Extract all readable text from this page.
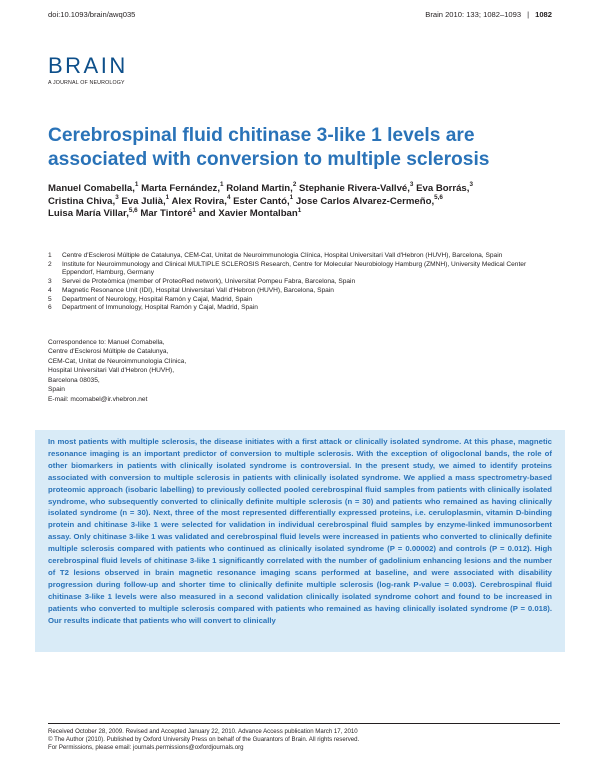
doi:10.1093/brain/awq035	Brain 2010: 133; 1082–1093 | 1082
BRAIN
A JOURNAL OF NEUROLOGY
Cerebrospinal fluid chitinase 3-like 1 levels are associated with conversion to multiple sclerosis
Manuel Comabella,$^1$ Marta Fernández,$^1$ Roland Martin,$^2$ Stephanie Rivera-Vallvé,$^3$ Eva Borrás,$^3$
Cristina Chiva,$^3$ Eva Julià,$^1$ Alex Rovira,$^4$ Ester Cantó,$^1$ Jose Carlos Alvarez-Cermeño,$^{5,6}$
Luisa María Villar,$^{5,6}$ Mar Tintoré$^1$ and Xavier Montalban$^1$
1	Centre d'Esclerosi Múltiple de Catalunya, CEM-Cat, Unitat de Neuroimmunologia Clínica, Hospital Universitari Vall d'Hebron (HUVH), Barcelona, Spain
2	Institute for Neuroimmunology and Clinical MULTIPLE SCLEROSIS Research, Centre for Molecular Neurobiology Hamburg (ZMNH), University Medical Center Eppendorf, Hamburg, Germany
3	Servei de Proteòmica (member of ProteoRed network), Universitat Pompeu Fabra, Barcelona, Spain
4	Magnetic Resonance Unit (IDI), Hospital Universitari Vall d'Hebron (HUVH), Barcelona, Spain
5	Department of Neurology, Hospital Ramón y Cajal, Madrid, Spain
6	Department of Immunology, Hospital Ramón y Cajal, Madrid, Spain
Correspondence to: Manuel Comabella,
Centre d'Esclerosi Múltiple de Catalunya,
CEM-Cat, Unitat de Neuroimmunologia Clínica,
Hospital Universitari Vall d'Hebron (HUVH),
Barcelona 08035,
Spain
E-mail: mcomabel@ir.vhebron.net

In most patients with multiple sclerosis, the disease initiates with a first attack or clinically isolated syndrome. At this phase, magnetic resonance imaging is an important predictor of conversion to multiple sclerosis. With the exception of oligoclonal bands, the role of other biomarkers in patients with clinically isolated syndrome is controversial. In the present study, we aimed to identify proteins associated with conversion to multiple sclerosis in patients with clinically isolated syndrome. We applied a mass spectrometry-based proteomic approach (isobaric labelling) to previously collected pooled cerebrospinal fluid samples from patients with clinically isolated syndrome, who subsequently converted to clinically definite multiple sclerosis (n = 30) and patients who remained as having clinically isolated syndrome (n = 30). Next, three of the most represented differentially expressed proteins, i.e. ceruloplasmin, vitamin D-binding protein and chitinase 3-like 1 were selected for validation in individual cerebrospinal fluid samples by enzyme-linked immunosorbent assay. Only chitinase 3-like 1 was validated and cerebrospinal fluid levels were increased in patients who converted to clinically definite multiple sclerosis compared with patients who continued as clinically isolated syndrome (P = 0.00002) and controls (P = 0.012). High cerebrospinal fluid levels of chitinase 3-like 1 significantly correlated with the number of gadolinium enhancing lesions and the number of T2 lesions observed in brain magnetic resonance imaging scans performed at baseline, and were associated with disability progression during follow-up and shorter time to clinically definite multiple sclerosis (log-rank P-value = 0.003). Cerebrospinal fluid chitinase 3-like 1 levels were also measured in a second validation clinically isolated syndrome cohort and found to be increased in patients who converted to multiple sclerosis compared with patients who remained as having clinically isolated syndrome (P = 0.018). Our results indicate that patients who will convert to clinically

Received October 28, 2009. Revised and Accepted January 22, 2010. Advance Access publication March 17, 2010
© The Author (2010). Published by Oxford University Press on behalf of the Guarantors of Brain. All rights reserved.
For Permissions, please email: journals.permissions@oxfordjournals.org
